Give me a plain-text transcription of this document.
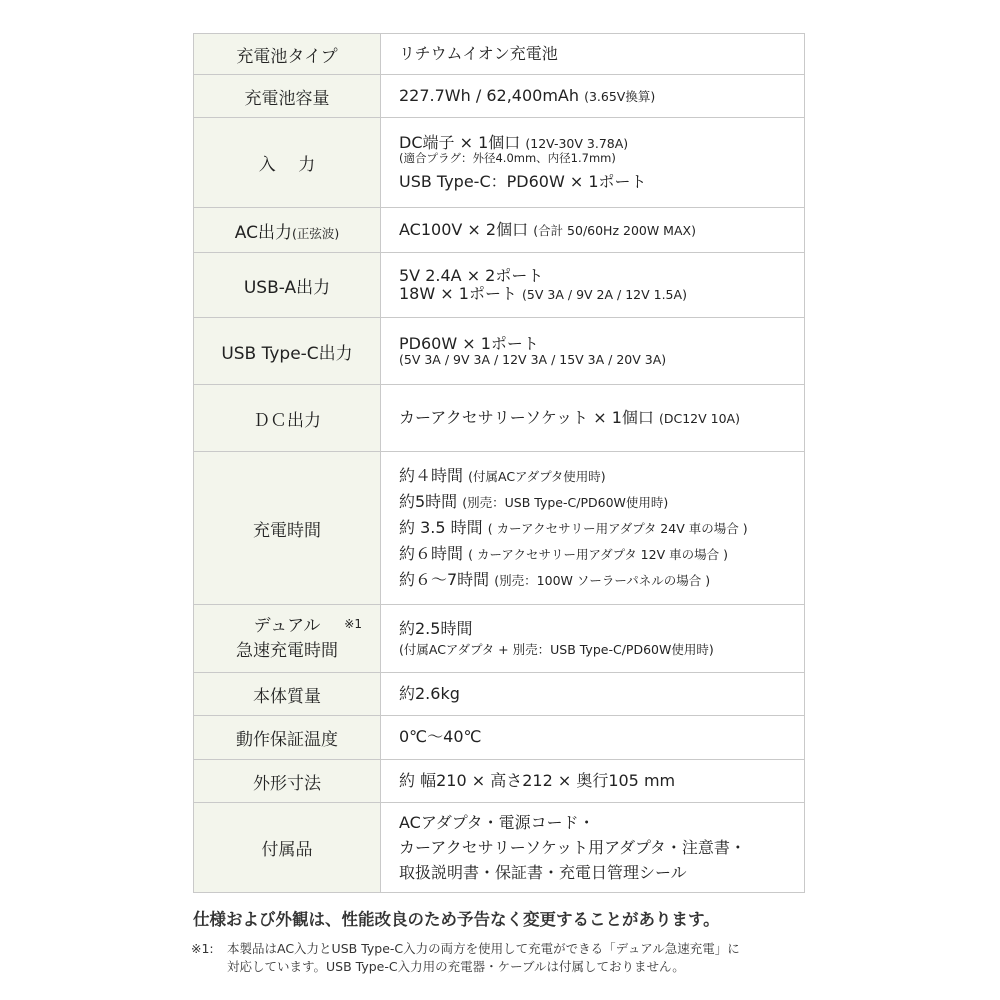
充電池タイプ	リチウムイオン充電池
充電池容量	227.7Wh / 62,400mAh (3.65V換算)
入 力	DC端子 × 1個口 (12V-30V 3.78A)
(適合プラグ：外径4.0mm、内径1.7mm)
USB Type-C：PD60W × 1ポート

AC出力(正弦波)	AC100V × 2個口 (合計 50/60Hz 200W MAX)
USB-A出力	5V 2.4A × 2ポート
18W × 1ポート (5V 3A / 9V 2A / 12V 1.5A)

USB Type-C出力	PD60W × 1ポート
(5V 3A / 9V 3A / 12V 3A / 15V 3A / 20V 3A)

ＤＣ出力	カーアクセサリーソケット × 1個口 (DC12V 10A)
充電時間	約４時間 (付属ACアダプタ使用時)
約5時間 (別売：USB Type-C/PD60W使用時)
約 3.5 時間 ( カーアクセサリー用アダプタ 24V 車の場合 )
約６時間 ( カーアクセサリー用アダプタ 12V 車の場合 )
約６〜7時間 (別売：100W ソーラーパネルの場合 )

デュアル
急速充電時間
※1	約2.5時間
(付属ACアダプタ + 別売：USB Type-C/PD60W使用時)

本体質量	約2.6kg
動作保証温度	0℃〜40℃
外形寸法	約 幅210 × 高さ212 × 奥行105 mm
付属品	ACアダプタ・電源コード・
カーアクセサリーソケット用アダプタ・注意書・
取扱説明書・保証書・充電日管理シール
仕様および外観は、性能改良のため予告なく変更することがあります。
※1:	本製品はAC入力とUSB Type-C入力の両方を使用して充電ができる「デュアル急速充電」に
対応しています。USB Type-C入力用の充電器・ケーブルは付属しておりません。
